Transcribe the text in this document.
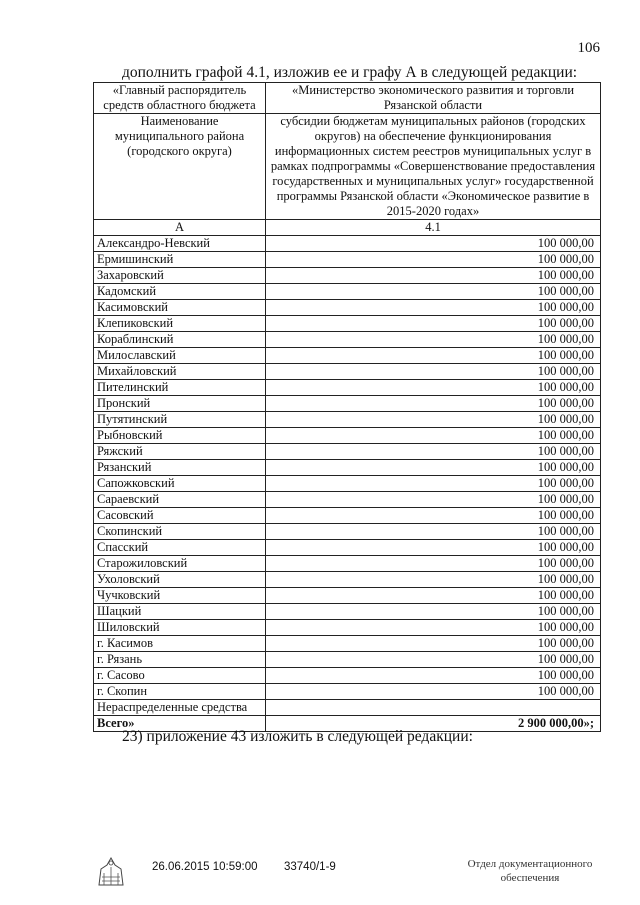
106
дополнить графой 4.1, изложив ее и графу А в следующей редакции:
«Главный распорядитель средств областного бюджета	«Министерство экономического развития и торговли Рязанской области
Наименование муниципального района (городского округа)	субсидии бюджетам муниципальных районов (городских округов) на обеспечение функционирования информационных систем реестров муниципальных услуг в рамках подпрограммы «Совершенствование предоставления государственных и муниципальных услуг» государственной программы Рязанской области «Экономическое развитие в 2015-2020 годах»
А	4.1
Александро-Невский	100 000,00
Ермишинский	100 000,00
Захаровский	100 000,00
Кадомский	100 000,00
Касимовский	100 000,00
Клепиковский	100 000,00
Кораблинский	100 000,00
Милославский	100 000,00
Михайловский	100 000,00
Пителинский	100 000,00
Пронский	100 000,00
Путятинский	100 000,00
Рыбновский	100 000,00
Ряжский	100 000,00
Рязанский	100 000,00
Сапожковский	100 000,00
Сараевский	100 000,00
Сасовский	100 000,00
Скопинский	100 000,00
Спасский	100 000,00
Старожиловский	100 000,00
Ухоловский	100 000,00
Чучковский	100 000,00
Шацкий	100 000,00
Шиловский	100 000,00
г. Касимов	100 000,00
г. Рязань	100 000,00
г. Сасово	100 000,00
г. Скопин	100 000,00
Нераспределенные средства	
Всего»	2 900 000,00»;
23) приложение 43 изложить в следующей редакции:
26.06.2015 10:59:00 33740/1-9	Отдел документационного
обеспечения
